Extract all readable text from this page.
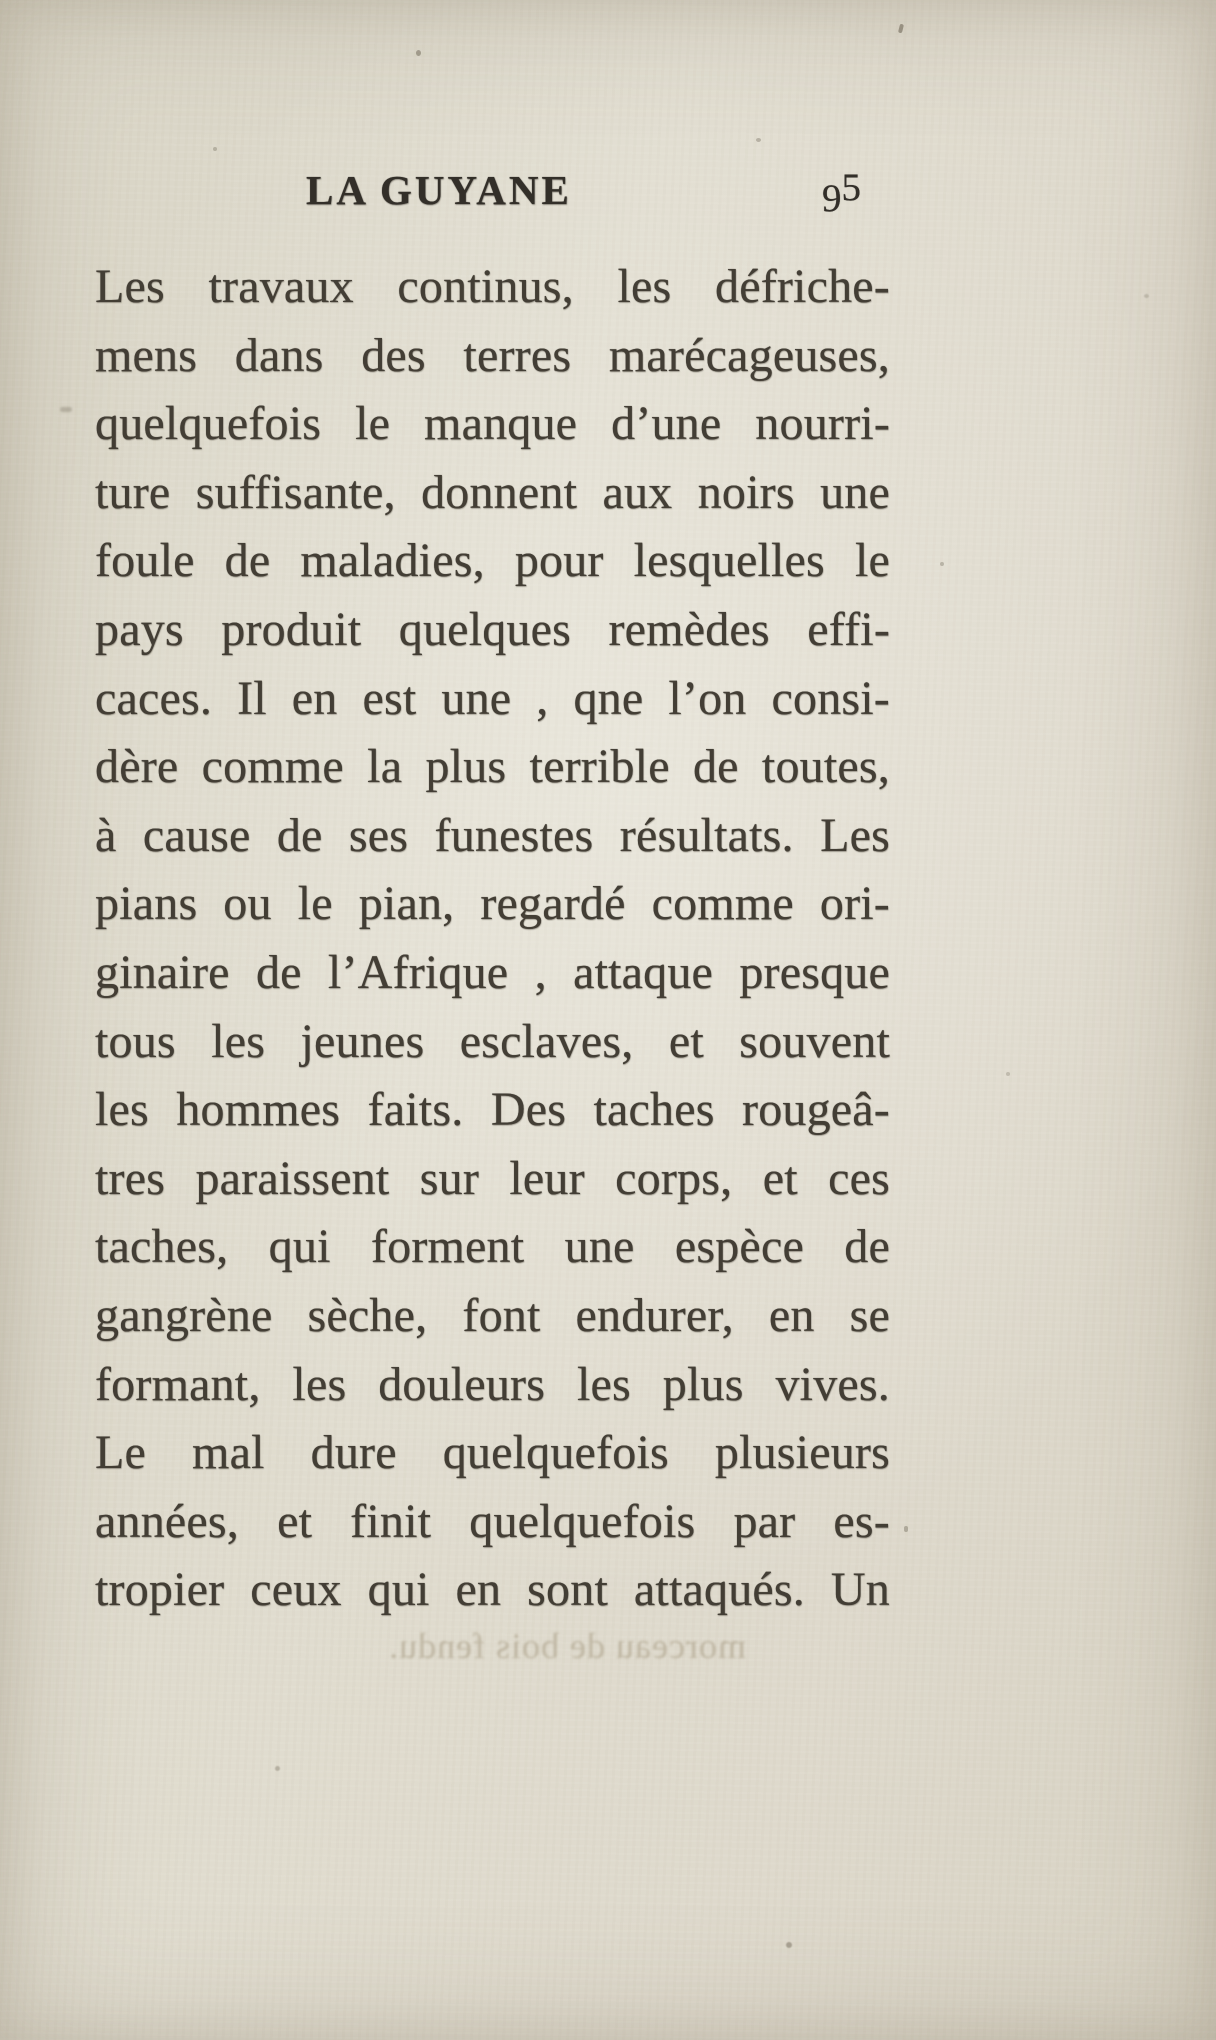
LA GUYANE	95
Les travaux continus, les défriche-
mens dans des terres marécageuses,
quelquefois le manque d’une nourri-
ture suffisante, donnent aux noirs une
foule de maladies, pour lesquelles le
pays produit quelques remèdes effi-
caces. Il en est une , qne l’on consi-
dère comme la plus terrible de toutes,
à cause de ses funestes résultats. Les
pians ou le pian, regardé comme ori-
ginaire de l’Afrique , attaque presque
tous les jeunes esclaves, et souvent
les hommes faits. Des taches rougeâ-
tres paraissent sur leur corps, et ces
taches, qui forment une espèce de
gangrène sèche, font endurer, en se
formant, les douleurs les plus vives.
Le mal dure quelquefois plusieurs
années, et finit quelquefois par es-
tropier ceux qui en sont attaqués. Un
morceau de bois fendu.
